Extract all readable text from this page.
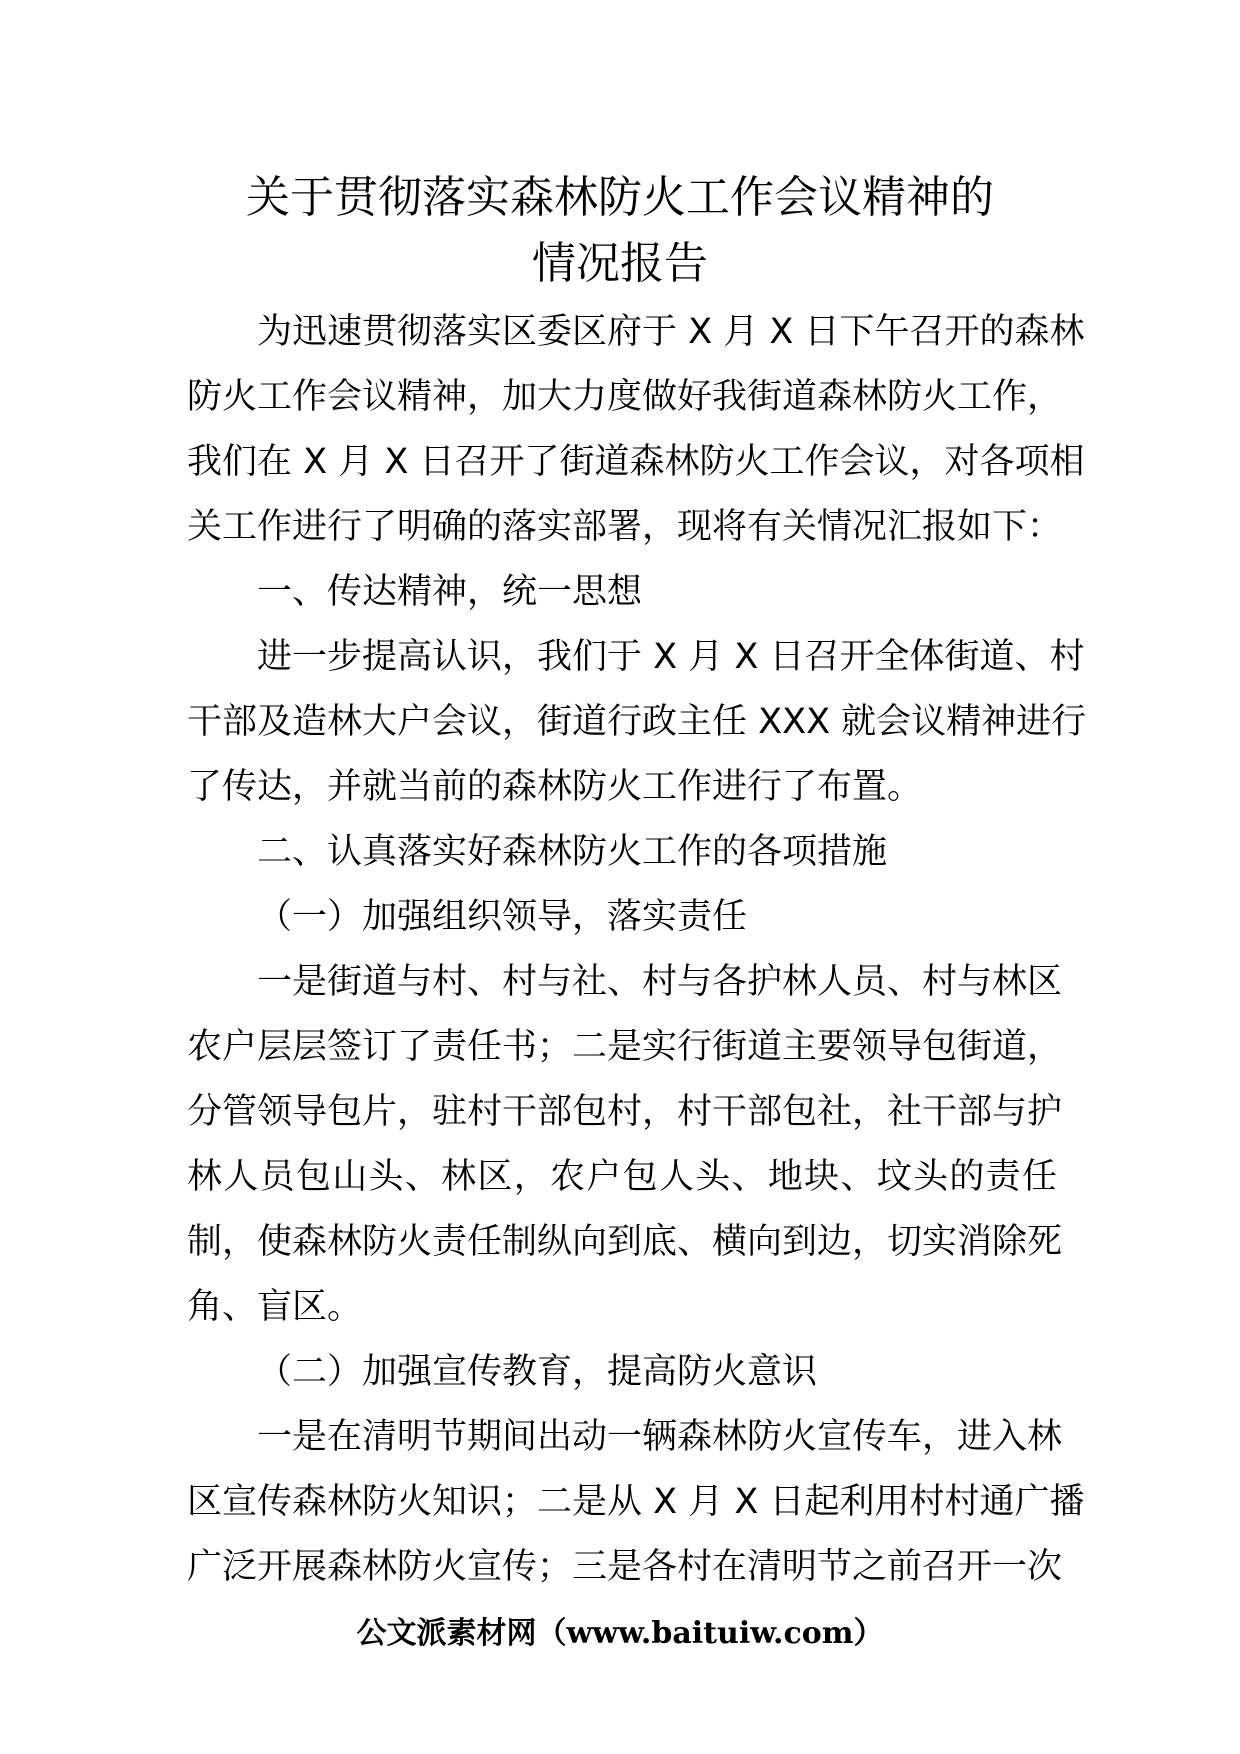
关于贯彻落实森林防火工作会议精神的
情况报告
为迅速贯彻落实区委区府于 X 月 X 日下午召开的森林
防火工作会议精神，加大力度做好我街道森林防火工作，
我们在 X 月 X 日召开了街道森林防火工作会议，对各项相
关工作进行了明确的落实部署，现将有关情况汇报如下：
一、传达精神，统一思想
进一步提高认识，我们于 X 月 X 日召开全体街道、村
干部及造林大户会议，街道行政主任 XXX 就会议精神进行
了传达，并就当前的森林防火工作进行了布置。
二、认真落实好森林防火工作的各项措施
（一）加强组织领导，落实责任
一是街道与村、村与社、村与各护林人员、村与林区
农户层层签订了责任书；二是实行街道主要领导包街道，
分管领导包片，驻村干部包村，村干部包社，社干部与护
林人员包山头、林区，农户包人头、地块、坟头的责任
制，使森林防火责任制纵向到底、横向到边，切实消除死
角、盲区。
（二）加强宣传教育，提高防火意识
一是在清明节期间出动一辆森林防火宣传车，进入林
区宣传森林防火知识；二是从 X 月 X 日起利用村村通广播
广泛开展森林防火宣传；三是各村在清明节之前召开一次
公文派素材网（www.baituiw.com）
